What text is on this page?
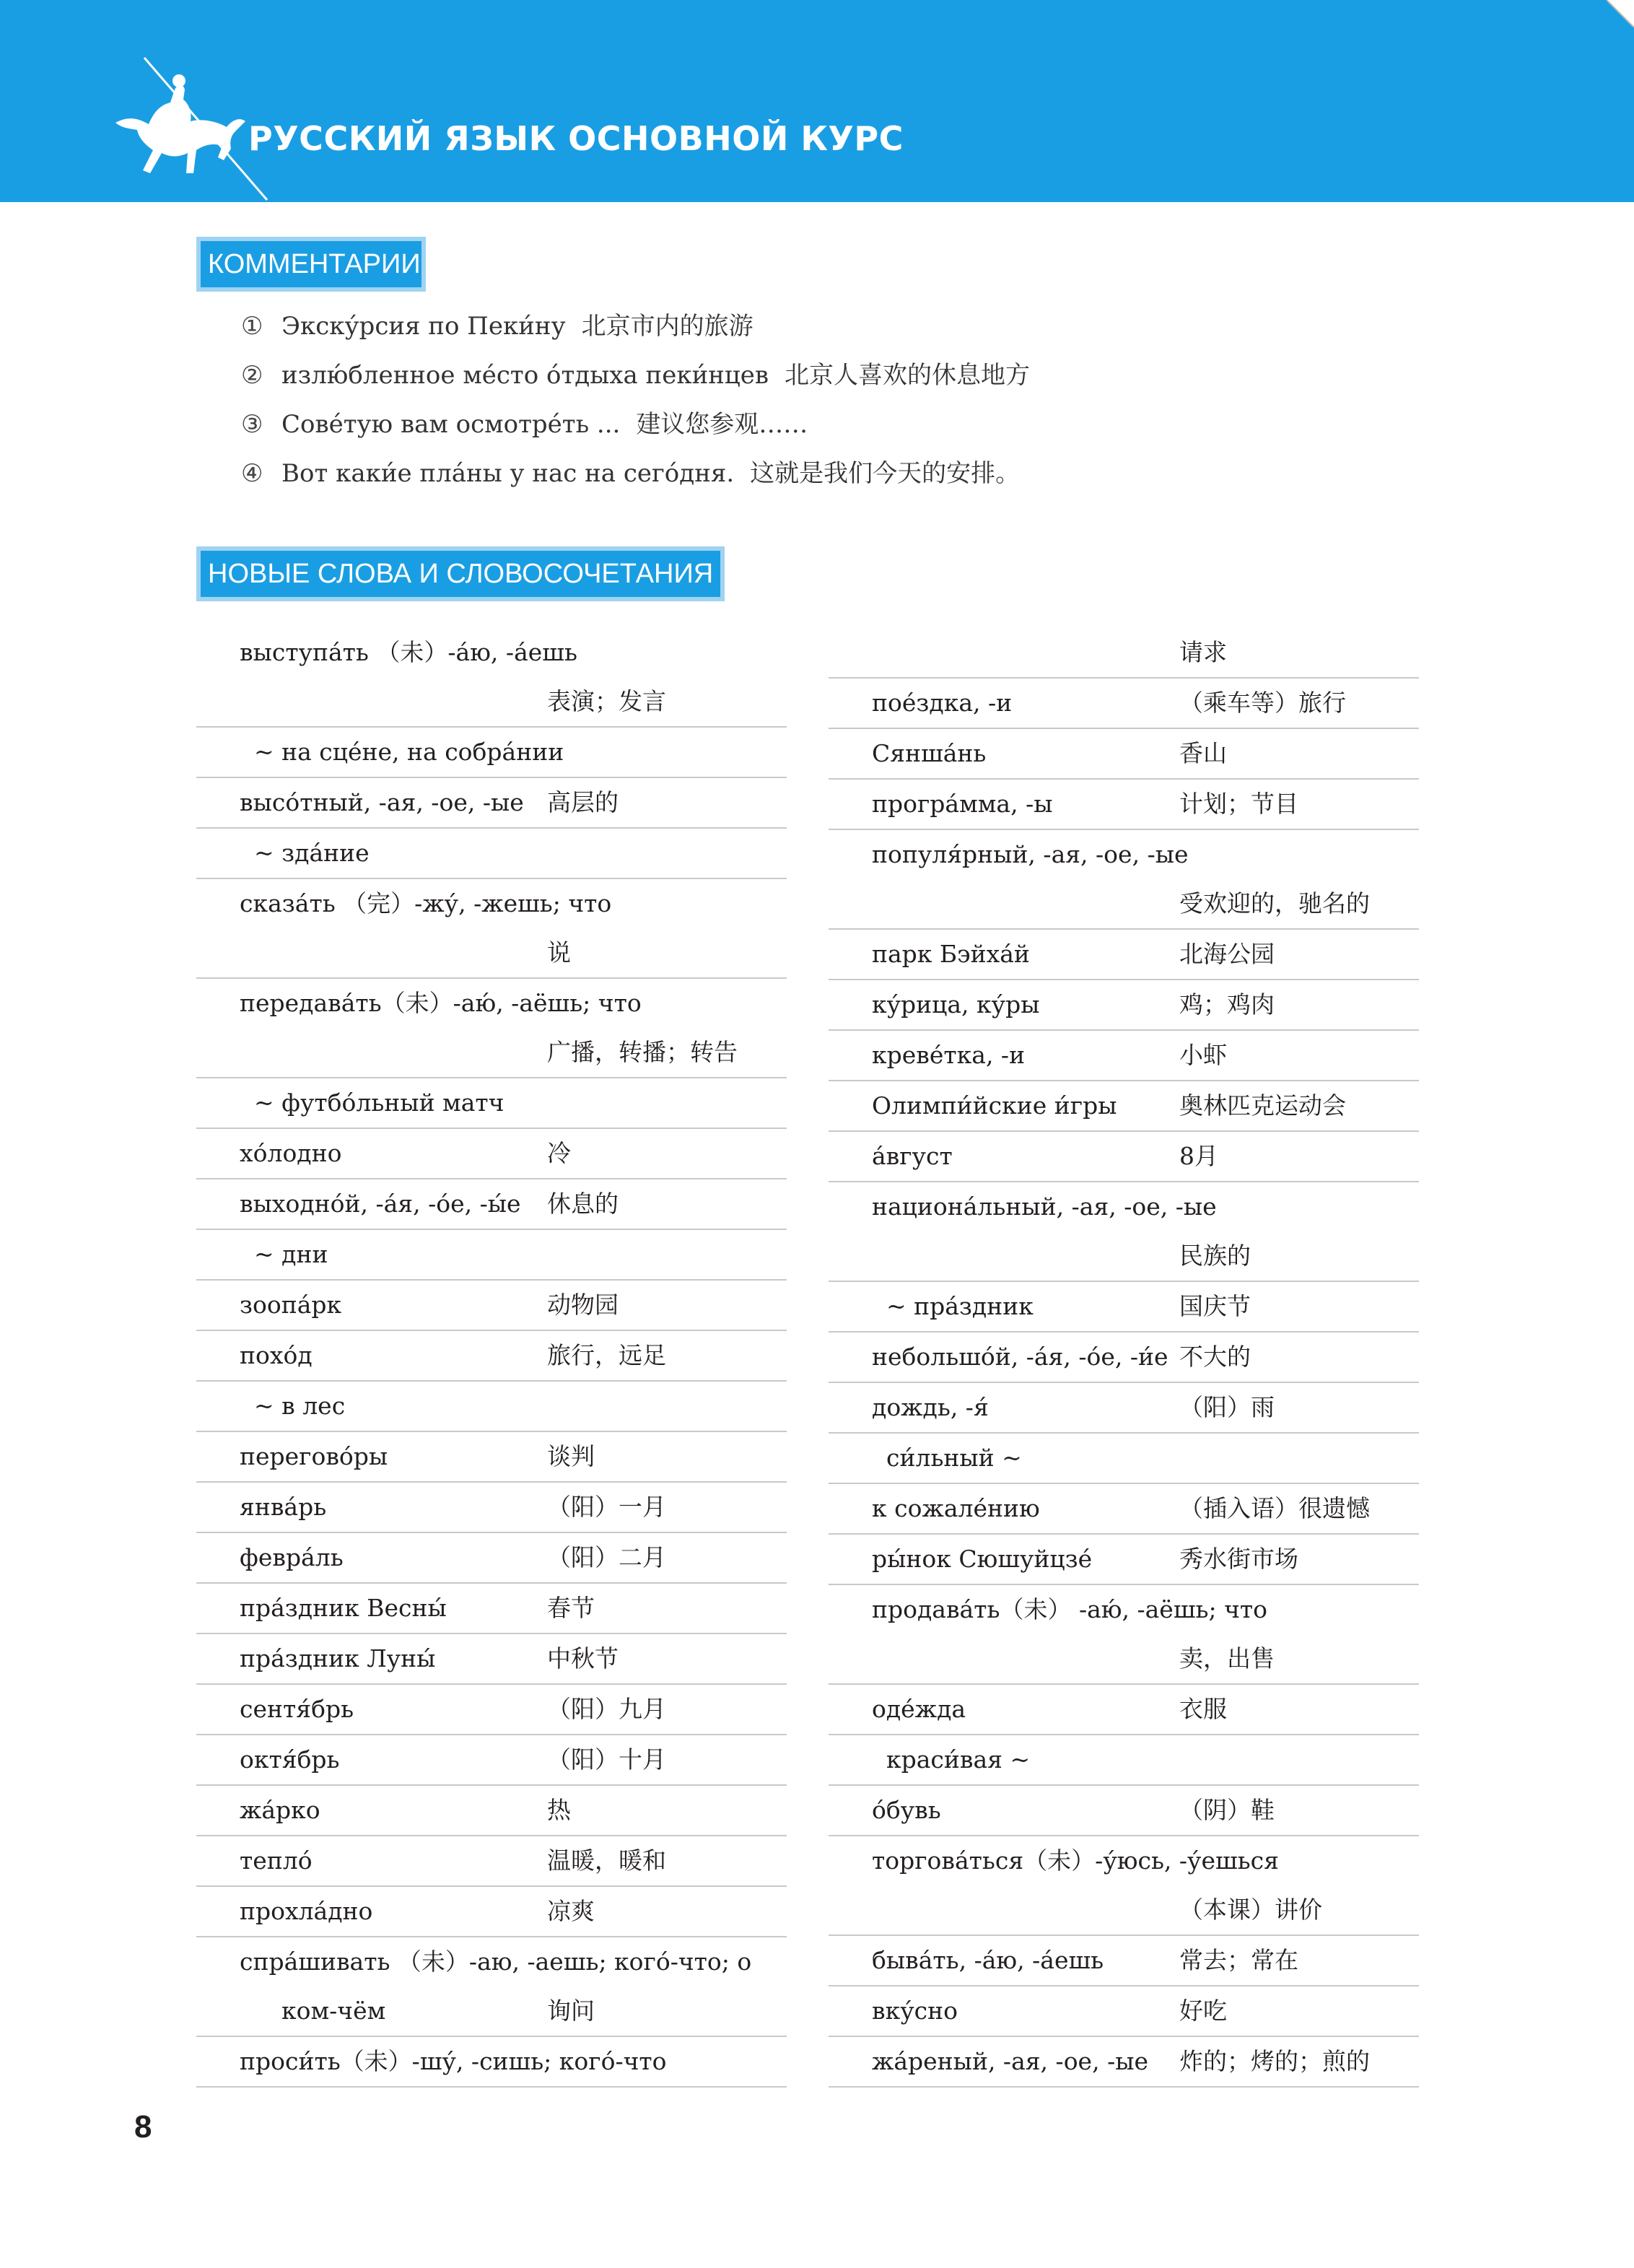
РУССКИЙ ЯЗЫК ОСНОВНОЙ КУРС
КОММЕНТАРИИ
① Экску́рсия по Пеки́ну 北京市内的旅游
② излю́бленное ме́сто о́тдыха пеки́нцев 北京人喜欢的休息地方
③ Сове́тую вам осмотре́ть ... 建议您参观……
④ Вот каки́е пла́ны у нас на сего́дня. 这就是我们今天的安排。
НОВЫЕ СЛОВА И СЛОВОСОЧЕТАНИЯ
выступа́ть （未）-а́ю, -а́ешь
表演；发言
~ на сце́не, на собра́нии
высо́тный, -ая, -ое, -ые 高层的
~ зда́ние
сказа́ть （完）-жу́, -жешь; что
说
передава́ть（未）-аю́, -аёшь; что
广播，转播；转告
~ футбо́льный матч
хо́лодно	冷
выходно́й, -а́я, -о́е, -ы́е 休息的
~ дни
зоопа́рк	动物园
похо́д	旅行，远足
~ в лес
перегово́ры	谈判
янва́рь	（阳）一月
февра́ль	（阳）二月
пра́здник Весны́	春节
пра́здник Луны́	中秋节
сентя́брь	（阳）九月
октя́брь	（阳）十月
жа́рко	热
тепло́	温暖，暖和
прохла́дно	凉爽
спра́шивать （未）-аю, -аешь; кого́-что; о
ком-чём	询问
проси́ть（未）-шу́, -сишь; кого́-что
请求
пое́здка, -и	（乘车等）旅行
Сянша́нь	香山
програ́мма, -ы	计划；节目
популя́рный, -ая, -ое, -ые
受欢迎的，驰名的
парк Бэйха́й	北海公园
ку́рица, ку́ры	鸡；鸡肉
креве́тка, -и	小虾
Олимпи́йские и́гры	奥林匹克运动会
а́вгуст	8月
национа́льный, -ая, -ое, -ые
民族的
~ пра́здник	国庆节
небольшо́й, -а́я, -о́е, -и́е 不大的
дождь, -я́	（阳）雨
си́льный ~
к сожале́нию	（插入语）很遗憾
ры́нок Сюшуйцзе́	秀水街市场
продава́ть（未） -аю́, -аёшь; что
卖，出售
оде́жда	衣服
краси́вая ~
о́бувь	（阴）鞋
торгова́ться（未）-у́юсь, -у́ешься
（本课）讲价
быва́ть, -а́ю, -а́ешь	常去；常在
вку́сно	好吃
жа́реный, -ая, -ое, -ые 炸的；烤的；煎的
8
